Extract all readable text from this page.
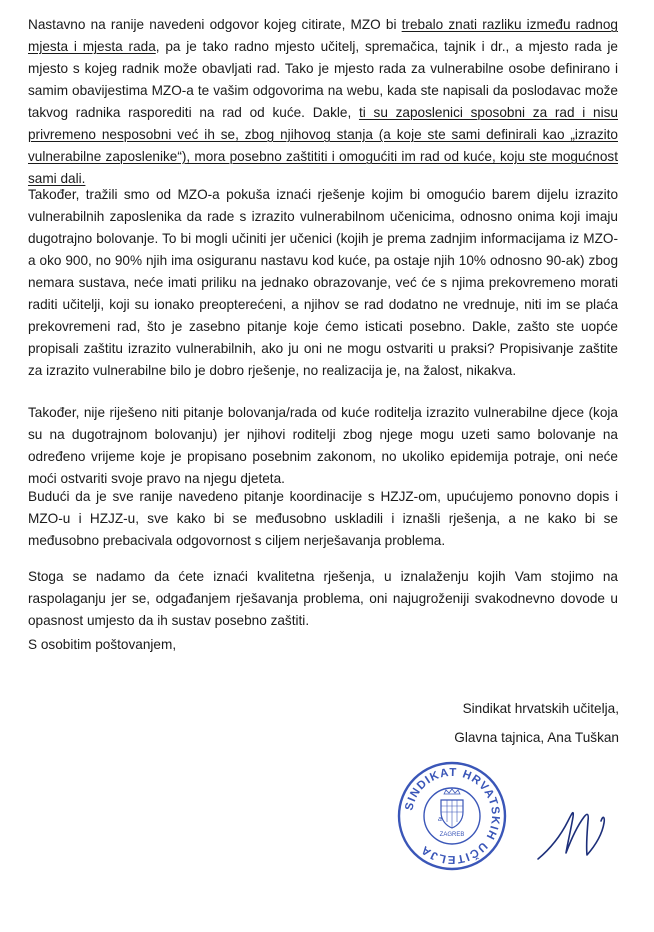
Nastavno na ranije navedeni odgovor kojeg citirate, MZO bi trebalo znati razliku između radnog mjesta i mjesta rada, pa je tako radno mjesto učitelj, spremačica, tajnik i dr., a mjesto rada je mjesto s kojeg radnik može obavljati rad. Tako je mjesto rada za vulnerabilne osobe definirano i samim obavijestima MZO-a te vašim odgovorima na webu, kada ste napisali da poslodavac može takvog radnika rasporediti na rad od kuće. Dakle, ti su zaposlenici sposobni za rad i nisu privremeno nesposobni već ih se, zbog njihovog stanja (a koje ste sami definirali kao „izrazito vulnerabilne zaposlenike“), mora posebno zaštititi i omogućiti im rad od kuće, koju ste mogućnost sami dali.

Također, tražili smo od MZO-a pokuša iznaći rješenje kojim bi omogućio barem dijelu izrazito vulnerabilnih zaposlenika da rade s izrazito vulnerabilnom učenicima, odnosno onima koji imaju dugotrajno bolovanje. To bi mogli učiniti jer učenici (kojih je prema zadnjim informacijama iz MZO-a oko 900, no 90% njih ima osiguranu nastavu kod kuće, pa ostaje njih 10% odnosno 90-ak) zbog nemara sustava, neće imati priliku na jednako obrazovanje, već će s njima prekovremeno morati raditi učitelji, koji su ionako preopterećeni, a njihov se rad dodatno ne vrednuje, niti im se plaća prekovremeni rad, što je zasebno pitanje koje ćemo isticati posebno. Dakle, zašto ste uopće propisali zaštitu izrazito vulnerabilnih, ako ju oni ne mogu ostvariti u praksi? Propisivanje zaštite za izrazito vulnerabilne bilo je dobro rješenje, no realizacija je, na žalost, nikakva.

Također, nije riješeno niti pitanje bolovanja/rada od kuće roditelja izrazito vulnerabilne djece (koja su na dugotrajnom bolovanju) jer njihovi roditelji zbog njege mogu uzeti samo bolovanje na određeno vrijeme koje je propisano posebnim zakonom, no ukoliko epidemija potraje, oni neće moći ostvariti svoje pravo na njegu djeteta.

Budući da je sve ranije navedeno pitanje koordinacije s HZJZ-om, upućujemo ponovno dopis i MZO-u i HZJZ-u, sve kako bi se međusobno uskladili i iznašli rješenja, a ne kako bi se međusobno prebacivala odgovornost s ciljem nerješavanja problema.

Stoga se nadamo da ćete iznaći kvalitetna rješenja, u iznalaženju kojih Vam stojimo na raspolaganju jer se, odgađanjem rješavanja problema, oni najugroženiji svakodnevno dovode u opasnost umjesto da ih sustav posebno zaštiti.

S osobitim poštovanjem,

Sindikat hrvatskih učitelja,

Glavna tajnica, Ana Tuškan

SINDIKAT HRVATSKIH UČITELJA
ZAGREB
a
